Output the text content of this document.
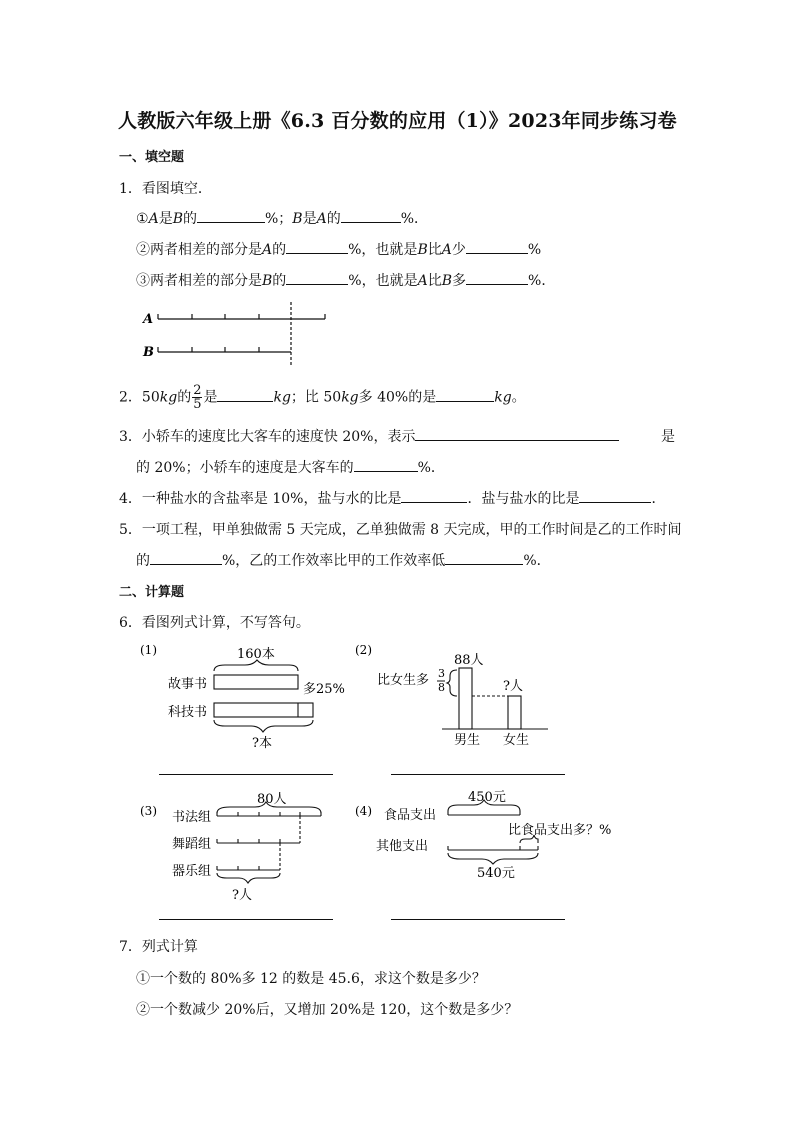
人教版六年级上册《6.3 百分数的应用（1）》2023年同步练习卷
一、填空题
1．看图填空．
①A是B的	%；B是A的	%．
②两者相差的部分是A的	%，也就是B比A少	%
③两者相差的部分是B的	%，也就是A比B多	%．
A
B
2．50kg的 $\frac{2}{5}$ 是	kg；比 50kg多 40%的是	kg。
3．小轿车的速度比大客车的速度快 20%，表示	是
的 20%；小轿车的速度是大客车的	%．
4．一种盐水的含盐率是 10%，盐与水的比是	．盐与盐水的比是	．
5．一项工程，甲单独做需 5 天完成，乙单独做需 8 天完成，甲的工作时间是乙的工作时间
的	%，乙的工作效率比甲的工作效率低	%．
二、计算题
6．看图列式计算，不写答句。
(1)	160本
故事书
科技书
多25%
?本
(2)
88人
比女生多 3
8	?人
男生 女生
(3)
80人
书法组
舞蹈组
器乐组
?人
(4)
450元
食品支出
其他支出
比食品支出多？%
540元
7．列式计算
①一个数的 80%多 12 的数是 45.6，求这个数是多少？
②一个数减少 20%后，又增加 20%是 120，这个数是多少？
